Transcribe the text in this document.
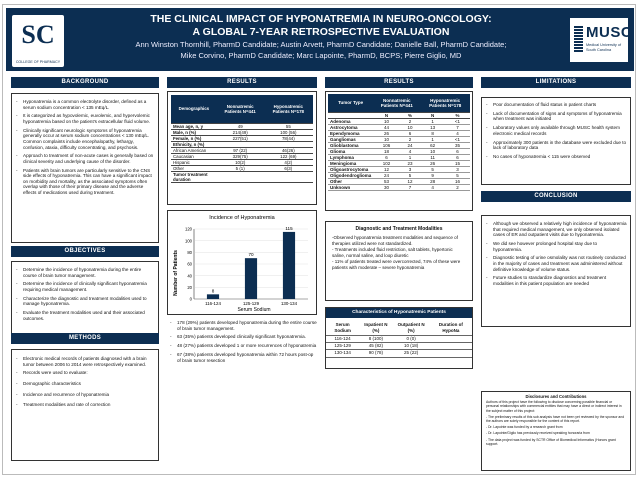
SC
COLLEGE OF PHARMACY
THE CLINICAL IMPACT OF HYPONATREMIA IN NEURO-ONCOLOGY:
A GLOBAL 7-YEAR RETROSPECTIVE EVALUATION
Ann Winston Thornhill, PharmD Candidate; Austin Arvett, PharmD Candidate; Danielle Ball, PharmD Candidate;
Mike Corvino, PharmD Candidate; Marc Lapointe, PharmD, BCPS; Pierre Giglio, MD
MUSC
Medical University of South Carolina
BACKGROUND
- Hyponatremia is a common electrolyte disorder, defined as a serum sodium concentration < 135 mEq/L.
- It is categorized as hypovolemic, euvolemic, and hypervolemic hyponatremia based on the patient's extracellular fluid volume.
- Clinically significant neurologic symptoms of hyponatremia generally occur at serum sodium concentrations < 130 mEq/L. Common complaints include encephalopathy, lethargy, confusion, ataxia, difficulty concentrating, and psychosis.
- Approach to treatment of non-acute cases is generally based on clinical severity and underlying cause of the disorder.
- Patients with brain tumors are particularly sensitive to the CNS side effects of hyponatremia. This can have a significant impact on morbidity and mortality, as the associated symptoms often overlap with those of their primary disease and the adverse effects of medications used during treatment.
OBJECTIVES
- Determine the incidence of hyponatremia during the entire course of brain tumor management.
- Determine the incidence of clinically significant hyponatremia requiring medical management.
- Characterize the diagnostic and treatment modalities used to manage hyponatremia.
- Evaluate the treatment modalities used and their associated outcomes.
METHODS
- Electronic medical records of patients diagnosed with a brain tumor between 2006 to 2014 were retrospectively examined.
- Records were used to evaluate:
- Demographic characteristics
- Incidence and recurrence of hyponatremia
- Treatment modalities and rate of correction
RESULTS
Demographics	Nonnatremic Patients N=441	Hyponatremic Patients N=178
Mean age, n, y	49	55
Male, n (%)	214(49)	100 (56)
Female, n (%)	227(51)	78(44)
Ethnicity, n (%)		
African American	97 (22)	46(26)
Caucasian	329(75)	122 (69)
Hispanic	10(2)	4(2)
Other	5 (1)	6(3)
Tumor treatment duration		
Incidence of Hyponatremia
Number of Patients
Serum Sodium
0
20
40
60
80
100
120
8
116-124
70
125-129
115
130-134
- 178 (29%) patients developed hyponatremia during the entire course of brain tumor management.
- 63 (35%) patients developed clinically significant hyponatremia.
- 48 (27%) patients developed 1 or more recurrences of hyponatremia
- 67 (38%) patients developed hyponatremia within 72 hours post-op of brain tumor resection
RESULTS
Tumor Type	Nonnatremic Patients N=441		Hyponatremic Patients N=178	
	N	%	N	%
Adenoma	10	2	1	<1
Astrocytoma	44	10	13	7
Ependymoma	26	6	8	4
Gangliomas	10	2	1	<1
Glioblastoma	106	24	62	35
Glioma	18	4	10	6
Lymphoma	6	1	11	6
Meningioma	102	23	26	15
Oligoastrocytoma	12	3	5	3
Oligodendroglioma	24	5	9	5
Other	53	12	28	16
Unknown	30	7	4	2
Diagnostic and Treatment Modalities
-Observed hyponatremia treatment modalities and sequence of therapies utilized were not standardized.
- Treatments included fluid restriction, salt tablets, hypertonic saline, normal saline, and loop diuretic
- 11% of patients treated were overcorrected, 74% of these were patients with moderate – severe hyponatremia
Characteristics of Hyponatremic Patients
Serum Sodium	Inpatient N (%)	Outpatient N (%)	Duration of HypoNa
116-124	8 (100)	0 (0)	
125-129	45 (82)	10 (18)	
130-134	90 (78)	25 (22)	
LIMITATIONS
- Poor documentation of fluid status in patient charts
- Lack of documentation of signs and symptoms of hyponatremia when treatment was initiated
- Laboratory values only available through MUSC health system electronic medical records
- Approximately 300 patients in the database were excluded due to lack of laboratory data
- No cases of hyponatremia < 115 were observed
CONCLUSION
- Although we observed a relatively high incidence of hyponatremia that required medical management, we only observed isolated cases of ER and outpatient visits due to hyponatremia.
- We did see however prolonged hospital stay due to hyponatremia.
- Diagnostic testing of urine osmolality was not routinely conducted in the majority of cases and treatment was administered without definitive knowledge of volume status.
- Future studies to standardize diagnostics and treatment modalities in this patient population are needed
Disclosures and Contributions
Authors of this project have the following to disclose concerning possible financial or personal relationships with commercial entities that may have a direct or indirect interest in the subject matter of this project:
- The preliminary results of this sub analysis have not been yet reviewed by the sponsor and the authors are solely responsible for the content of this report.
- Dr. Lapointe was funded by a research grant from
- Dr. Lapointe/Giglio has previously received speaking honoraria from
- The data project was funded by SCTR Office of Biomedical Informatics (Honors grant support.
